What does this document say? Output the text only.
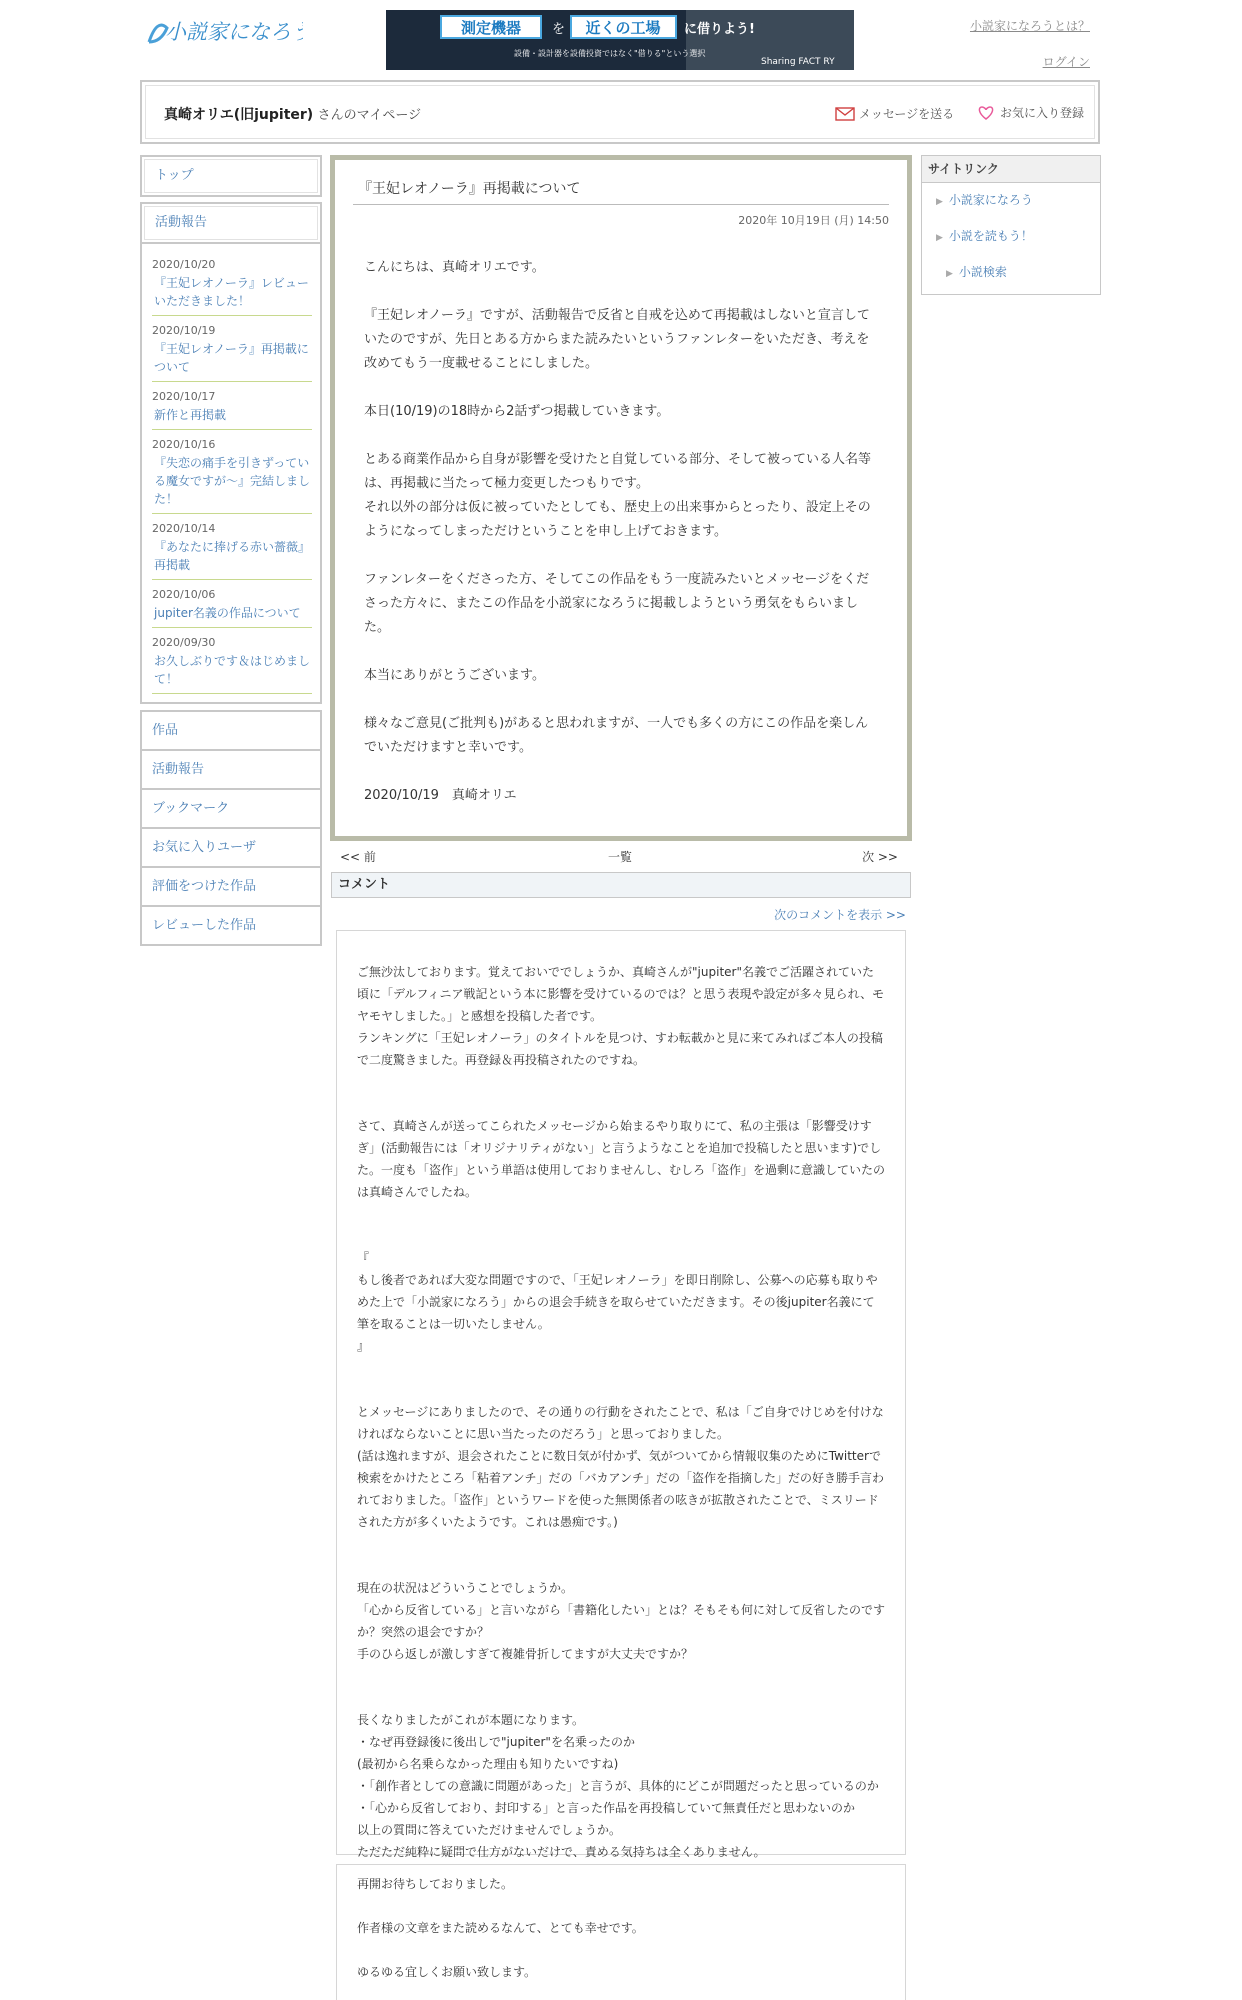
小説家になろう	測定機器 を 近くの工場 に借りよう!
設備・設計器を設備投資ではなく"借りる"という選択
Sharing FACT RY
小説家になろうとは？
ログイン
真崎オリエ(旧jupiter) さんのマイページ	メッセージを送る
	お気に入り登録
トップ
活動報告
2020/10/20
『王妃レオノーラ』レビューいただきました！
2020/10/19
『王妃レオノーラ』再掲載について
2020/10/17
新作と再掲載
2020/10/16
『失恋の痛手を引きずっている魔女ですが～』完結しました！
2020/10/14
『あなたに捧げる赤い薔薇』再掲載
2020/10/06
jupiter名義の作品について
2020/09/30
お久しぶりです＆はじめまして！
作品
活動報告
ブックマーク
お気に入りユーザ
評価をつけた作品
レビューした作品
『王妃レオノーラ』再掲載について
2020年 10月19日 (月) 14:50

こんにちは、真崎オリエです。

『王妃レオノーラ』ですが、活動報告で反省と自戒を込めて再掲載はしないと宣言していたのですが、先日とある方からまた読みたいというファンレターをいただき、考えを改めてもう一度載せることにしました。

本日(10/19)の18時から2話ずつ掲載していきます。

とある商業作品から自身が影響を受けたと自覚している部分、そして被っている人名等は、再掲載に当たって極力変更したつもりです。
それ以外の部分は仮に被っていたとしても、歴史上の出来事からとったり、設定上そのようになってしまっただけということを申し上げておきます。

ファンレターをくださった方、そしてこの作品をもう一度読みたいとメッセージをくださった方々に、またこの作品を小説家になろうに掲載しようという勇気をもらいました。

本当にありがとうございます。

様々なご意見(ご批判も)があると思われますが、一人でも多くの方にこの作品を楽しんでいただけますと幸いです。

2020/10/19　真崎オリエ

<< 前	一覧	次 >>
コメント
次のコメントを表示 >>

ご無沙汰しております。覚えておいででしょうか、真崎さんが"jupiter"名義でご活躍されていた頃に「デルフィニア戦記という本に影響を受けているのでは？と思う表現や設定が多々見られ、モヤモヤしました。」と感想を投稿した者です。
ランキングに「王妃レオノーラ」のタイトルを見つけ、すわ転載かと見に来てみればご本人の投稿で二度驚きました。再登録＆再投稿されたのですね。

さて、真崎さんが送ってこられたメッセージから始まるやり取りにて、私の主張は「影響受けすぎ」(活動報告には「オリジナリティがない」と言うようなことを追加で投稿したと思います)でした。一度も「盗作」という単語は使用しておりませんし、むしろ「盗作」を過剰に意識していたのは真崎さんでしたね。

『
もし後者であれば大変な問題ですので、「王妃レオノーラ」を即日削除し、公募への応募も取りやめた上で「小説家になろう」からの退会手続きを取らせていただきます。その後jupiter名義にて筆を取ることは一切いたしません。
』

とメッセージにありましたので、その通りの行動をされたことで、私は「ご自身でけじめを付けなければならないことに思い当たったのだろう」と思っておりました。
(話は逸れますが、退会されたことに数日気が付かず、気がついてから情報収集のためにTwitterで検索をかけたところ「粘着アンチ」だの「バカアンチ」だの「盗作を指摘した」だの好き勝手言われておりました。「盗作」というワードを使った無関係者の呟きが拡散されたことで、ミスリードされた方が多くいたようです。これは愚痴です。)

現在の状況はどういうことでしょうか。
「心から反省している」と言いながら「書籍化したい」とは？そもそも何に対して反省したのですか？突然の退会ですか？
手のひら返しが激しすぎて複雑骨折してますが大丈夫ですか？

長くなりましたがこれが本題になります。
・なぜ再登録後に後出しで"jupiter"を名乗ったのか
(最初から名乗らなかった理由も知りたいですね)
・「創作者としての意識に問題があった」と言うが、具体的にどこが問題だったと思っているのか
・「心から反省しており、封印する」と言った作品を再投稿していて無責任だと思わないのか
以上の質問に答えていただけませんでしょうか。
ただただ純粋に疑問で仕方がないだけで、責める気持ちは全くありません。

再開お待ちしておりました。

作者様の文章をまた読めるなんて、とても幸せです。

ゆるゆる宜しくお願い致します。

サイトリンク
▶ 小説家になろう
▶ 小説を読もう！
▶ 小説検索
